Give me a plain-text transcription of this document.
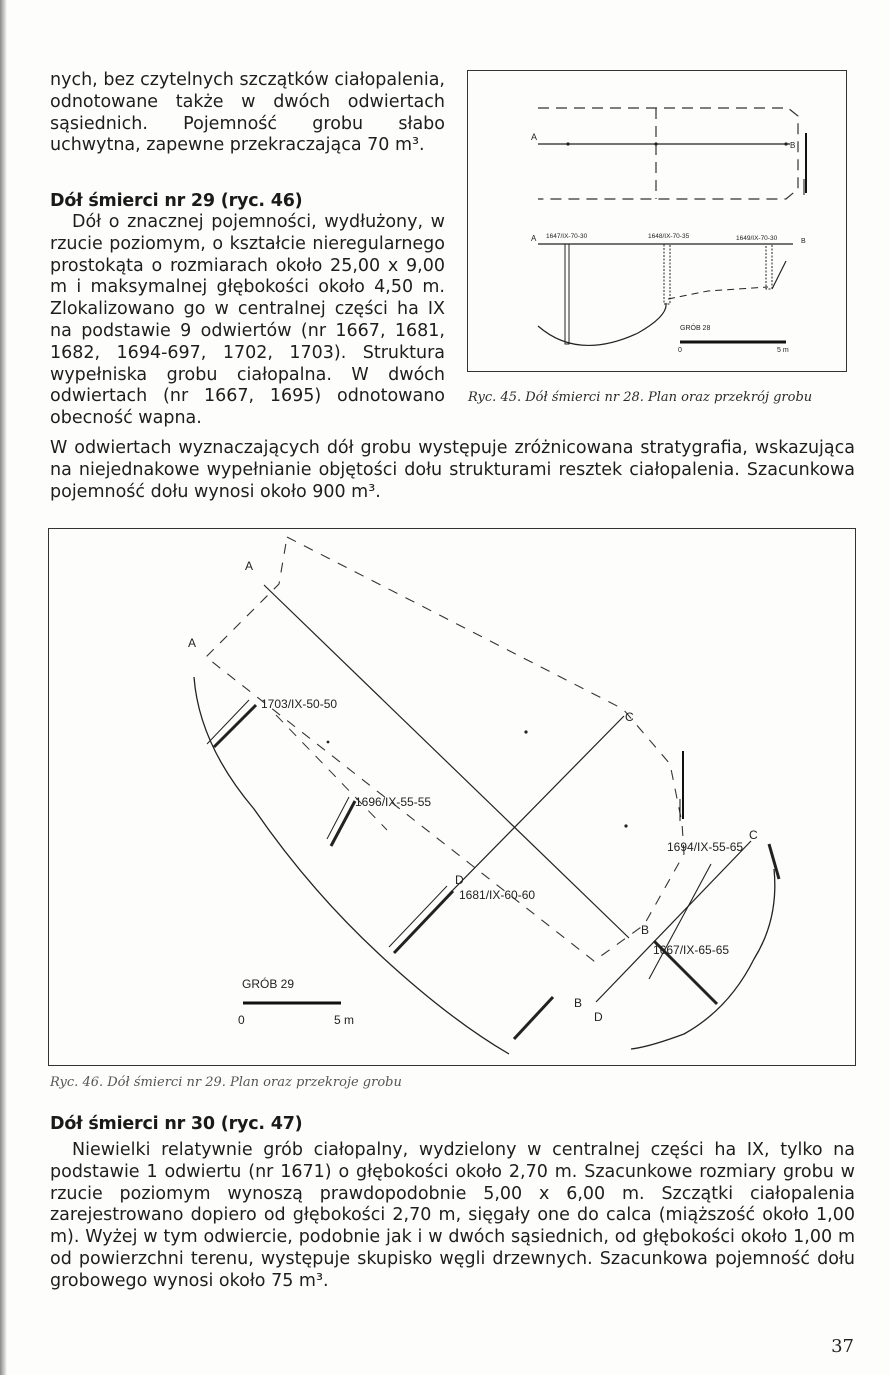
nych, bez czytelnych szczątków ciałopalenia, odnotowane także w dwóch odwiertach sąsiednich. Pojemność grobu słabo uchwytna, zapewne przekraczająca 70 m³.

Dół śmierci nr 29 (ryc. 46)

Dół o znacznej pojemności, wydłużony, w rzucie poziomym, o kształcie nieregularnego prostokąta o rozmiarach około 25,00 x 9,00 m i maksymalnej głębokości około 4,50 m. Zlokalizowano go w centralnej części ha IX na podstawie 9 odwiertów (nr 1667, 1681, 1682, 1694-697, 1702, 1703). Struktura wypełniska grobu ciałopalna. W dwóch odwiertach (nr 1667, 1695) odnotowano obecność wapna.

W odwiertach wyznaczających dół grobu występuje zróżnicowana stratygrafia, wskazująca na niejednakowe wypełnianie objętości dołu strukturami resztek ciałopalenia. Szacunkowa pojemność dołu wynosi około 900 m³.

A
B
A	B
1647/IX-70-30	1648/IX-70-35	1649/IX-70-30
GRÓB 28
0	5 m

Ryc. 45. Dół śmierci nr 28. Plan oraz przekrój grobu

A
A
C
C
D
D
B
B
1703/IX-50-50
1696/IX-55-55
1681/IX-60-60
1694/IX-55-65
1667/IX-65-65
GRÓB 29
0	5 m

Ryc. 46. Dół śmierci nr 29. Plan oraz przekroje grobu

Dół śmierci nr 30 (ryc. 47)

Niewielki relatywnie grób ciałopalny, wydzielony w centralnej części ha IX, tylko na podstawie 1 odwiertu (nr 1671) o głębokości około 2,70 m. Szacunkowe rozmiary grobu w rzucie poziomym wynoszą prawdopodobnie 5,00 x 6,00 m. Szczątki ciałopalenia zarejestrowano dopiero od głębokości 2,70 m, sięgały one do calca (miąższość około 1,00 m). Wyżej w tym odwiercie, podobnie jak i w dwóch sąsiednich, od głębokości około 1,00 m od powierzchni terenu, występuje skupisko węgli drzewnych. Szacunkowa pojemność dołu grobowego wynosi około 75 m³.

37
